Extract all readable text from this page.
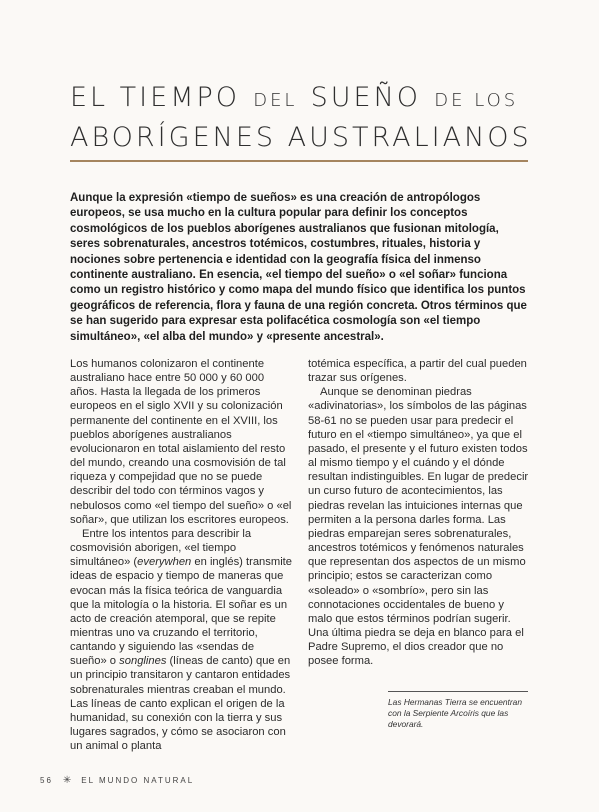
EL TIEMPO DEL SUEÑO DE LOS
ABORÍGENES AUSTRALIANOS

Aunque la expresión «tiempo de sueños» es una creación de antropólogos europeos, se usa mucho en la cultura popular para definir los conceptos cosmológicos de los pueblos aborígenes australianos que fusionan mitología, seres sobrenaturales, ancestros totémicos, costumbres, rituales, historia y nociones sobre pertenencia e identidad con la geografía física del inmenso continente australiano. En esencia, «el tiempo del sueño» o «el soñar» funciona como un registro histórico y como mapa del mundo físico que identifica los puntos geográficos de referencia, flora y fauna de una región concreta. Otros términos que se han sugerido para expresar esta polifacética cosmología son «el tiempo simultáneo», «el alba del mundo» y «presente ancestral».

Los humanos colonizaron el continente australiano hace entre 50 000 y 60 000 años. Hasta la llegada de los primeros europeos en el siglo XVII y su colonización permanente del continente en el XVIII, los pueblos aborígenes australianos evolucionaron en total aislamiento del resto del mundo, creando una cosmovisión de tal riqueza y compejidad que no se puede describir del todo con términos vagos y nebulosos como «el tiempo del sueño» o «el soñar», que utilizan los escritores europeos.

Entre los intentos para describir la cosmovisión aborigen, «el tiempo simultáneo» (everywhen en inglés) transmite ideas de espacio y tiempo de maneras que evocan más la física teórica de vanguardia que la mitología o la historia. El soñar es un acto de creación atemporal, que se repite mientras uno va cruzando el territorio, cantando y siguiendo las «sendas de sueño» o songlines (líneas de canto) que en un principio transitaron y cantaron entidades sobrenaturales mientras creaban el mundo. Las líneas de canto explican el origen de la humanidad, su conexión con la tierra y sus lugares sagrados, y cómo se asociaron con un animal o planta

totémica específica, a partir del cual pueden trazar sus orígenes.

Aunque se denominan piedras «adivinatorias», los símbolos de las páginas 58-61 no se pueden usar para predecir el futuro en el «tiempo simultáneo», ya que el pasado, el presente y el futuro existen todos al mismo tiempo y el cuándo y el dónde resultan indistinguibles. En lugar de predecir un curso futuro de acontecimientos, las piedras revelan las intuiciones internas que permiten a la persona darles forma. Las piedras emparejan seres sobrenaturales, ancestros totémicos y fenómenos naturales que representan dos aspectos de un mismo principio; estos se caracterizan como «soleado» o «sombrío», pero sin las connotaciones occidentales de bueno y malo que estos términos podrían sugerir. Una última piedra se deja en blanco para el Padre Supremo, el dios creador que no posee forma.

Las Hermanas Tierra se encuentran con la Serpiente Arcoíris que las devorará.

56 ✳ EL MUNDO NATURAL
